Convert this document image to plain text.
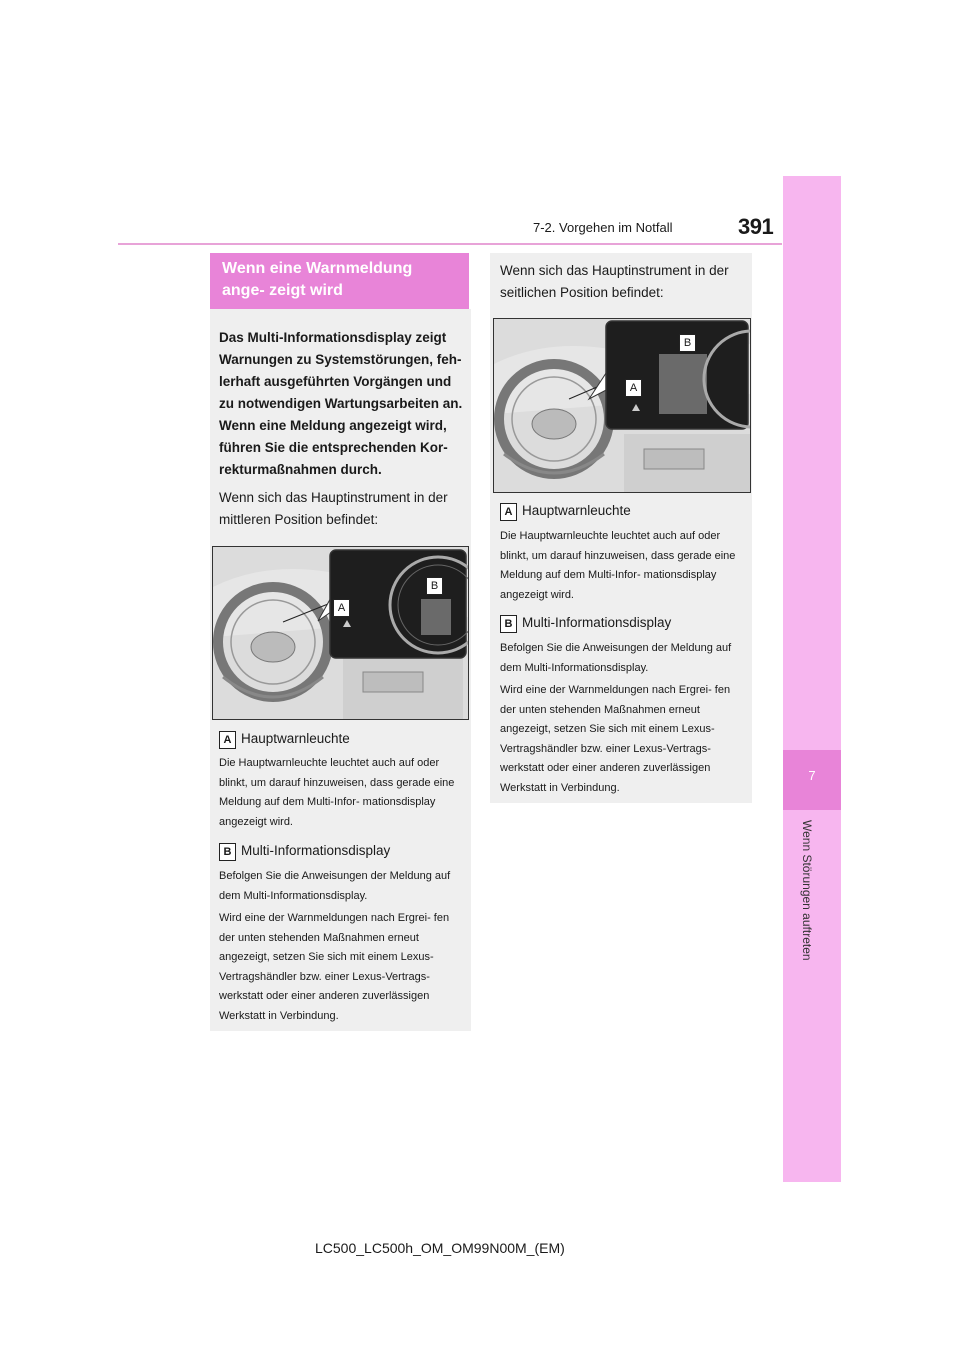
7-2. Vorgehen im Notfall	391
7
Wenn Störungen auftreten
Wenn eine Warnmeldung ange- zeigt wird
Das Multi-Informationsdisplay zeigt Warnungen zu Systemstörungen, feh- lerhaft ausgeführten Vorgängen und zu notwendigen Wartungsarbeiten an. Wenn eine Meldung angezeigt wird, führen Sie die entsprechenden Kor- rekturmaßnahmen durch.
Wenn sich das Hauptinstrument in der mittleren Position befindet:
A
B
A Hauptwarnleuchte
Die Hauptwarnleuchte leuchtet auch auf oder blinkt, um darauf hinzuweisen, dass gerade eine Meldung auf dem Multi-Infor- mationsdisplay angezeigt wird.
B Multi-Informationsdisplay
Befolgen Sie die Anweisungen der Meldung auf dem Multi-Informationsdisplay.
Wird eine der Warnmeldungen nach Ergrei- fen der unten stehenden Maßnahmen erneut angezeigt, setzen Sie sich mit einem Lexus- Vertragshändler bzw. einer Lexus-Vertrags- werkstatt oder einer anderen zuverlässigen Werkstatt in Verbindung.
Wenn sich das Hauptinstrument in der seitlichen Position befindet:
A
B
A Hauptwarnleuchte
Die Hauptwarnleuchte leuchtet auch auf oder blinkt, um darauf hinzuweisen, dass gerade eine Meldung auf dem Multi-Infor- mationsdisplay angezeigt wird.
B Multi-Informationsdisplay
Befolgen Sie die Anweisungen der Meldung auf dem Multi-Informationsdisplay.
Wird eine der Warnmeldungen nach Ergrei- fen der unten stehenden Maßnahmen erneut angezeigt, setzen Sie sich mit einem Lexus- Vertragshändler bzw. einer Lexus-Vertrags- werkstatt oder einer anderen zuverlässigen Werkstatt in Verbindung.
LC500_LC500h_OM_OM99N00M_(EM)
